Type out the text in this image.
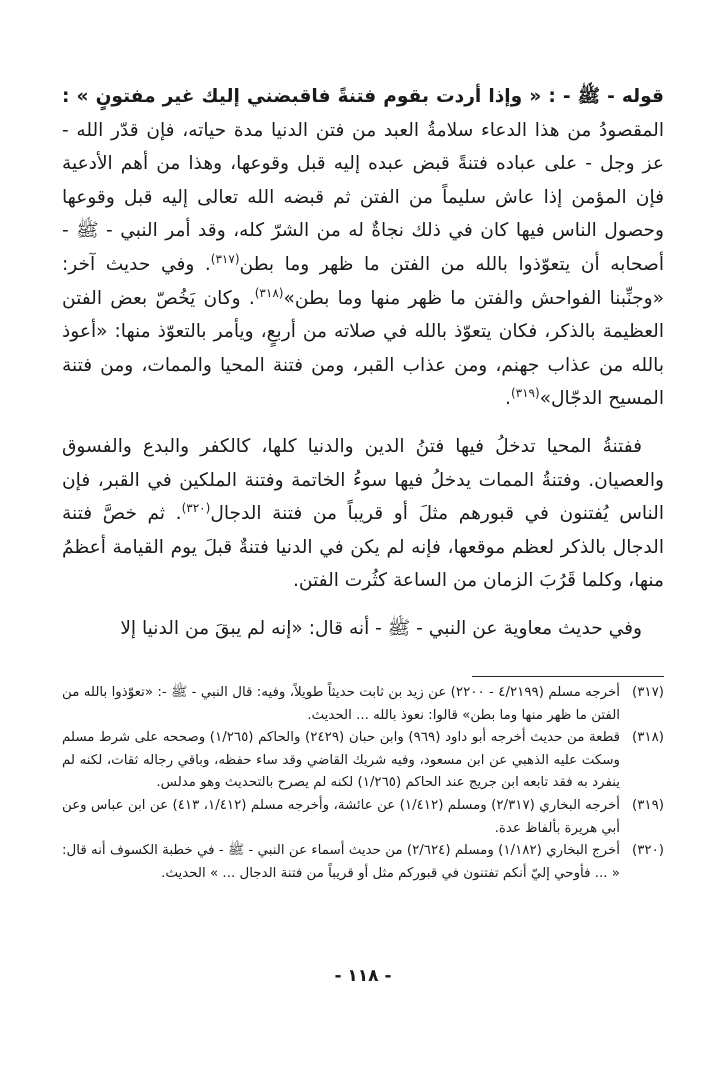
قوله - ﷺ - : « وإذا أردت بقوم فتنةً فاقبضني إليك غير مفتونٍ » : المقصودُ من هذا الدعاء سلامةُ العبد من فتن الدنيا مدة حياته، فإن قدّر الله - عز وجل - على عباده فتنةً قبض عبده إليه قبل وقوعها، وهذا من أهم الأدعية فإن المؤمن إذا عاش سليماً من الفتن ثم قبضه الله تعالى إليه قبل وقوعها وحصول الناس فيها كان في ذلك نجاةٌ له من الشرّ كله، وقد أمر النبي - ﷺ - أصحابه أن يتعوّذوا بالله من الفتن ما ظهر وما بطن$^{(٣١٧)}$. وفي حديث آخر: «وجنِّبنا الفواحش والفتن ما ظهر منها وما بطن»$^{(٣١٨)}$. وكان يَخُصّ بعض الفتن العظيمة بالذكر، فكان يتعوّذ بالله في صلاته من أربعٍ، ويأمر بالتعوّذ منها: «أعوذ بالله من عذاب جهنم، ومن عذاب القبر، ومن فتنة المحيا والممات، ومن فتنة المسيح الدجّال»$^{(٣١٩)}$.

ففتنةُ المحيا تدخلُ فيها فتنُ الدين والدنيا كلها، كالكفر والبدع والفسوق والعصيان. وفتنةُ الممات يدخلُ فيها سوءُ الخاتمة وفتنة الملكين في القبر، فإن الناس يُفتنون في قبورهم مثلَ أو قريباً من فتنة الدجال$^{(٣٢٠)}$. ثم خصَّ فتنة الدجال بالذكر لعظم موقعها، فإنه لم يكن في الدنيا فتنةٌ قبلَ يوم القيامة أعظمُ منها، وكلما قَرُبَ الزمان من الساعة كثُرت الفتن.

وفي حديث معاوية عن النبي - ﷺ - أنه قال: «إنه لم يبقَ من الدنيا إلا

(٣١٧)
أخرجه مسلم (٤/٢١٩٩ - ٢٢٠٠) عن زيد بن ثابت حديثاً طويلاً، وفيه: قال النبي - ﷺ -: «تعوّذوا بالله من الفتن ما ظهر منها وما بطن» قالوا: نعوذ بالله ... الحديث.
(٣١٨)
قطعة من حديث أخرجه أبو داود (٩٦٩) وابن حبان (٢٤٢٩) والحاكم (١/٢٦٥) وصححه على شرط مسلم وسكت عليه الذهبي عن ابن مسعود، وفيه شريك القاضي وقد ساء حفظه، وباقي رجاله ثقات، لكنه لم ينفرد به فقد تابعه ابن جريج عند الحاكم (١/٢٦٥) لكنه لم يصرح بالتحديث وهو مدلس.
(٣١٩)
أخرجه البخاري (٢/٣١٧) ومسلم (١/٤١٢) عن عائشة، وأخرجه مسلم (١/٤١٢، ٤١٣) عن ابن عباس وعن أبي هريرة بألفاظ عدة.
(٣٢٠)
أخرج البخاري (١/١٨٢) ومسلم (٢/٦٢٤) من حديث أسماء عن النبي - ﷺ - في خطبة الكسوف أنه قال: « ... فأوحي إليّ أنكم تفتنون في قبوركم مثل أو قريباً من فتنة الدجال ... » الحديث.
- ١١٨ -
